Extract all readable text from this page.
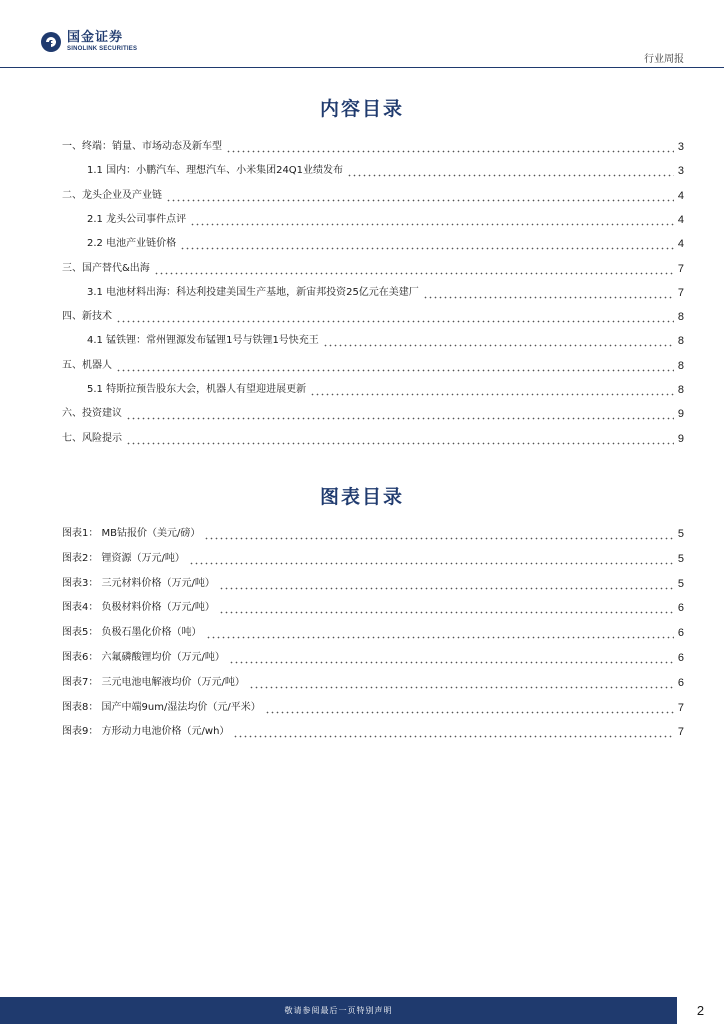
国金证券
SINOLINK SECURITIES
行业周报
内容目录
一、终端：销量、市场动态及新车型	3
1.1 国内：小鹏汽车、理想汽车、小米集团24Q1业绩发布	3
二、龙头企业及产业链	4
2.1 龙头公司事件点评	4
2.2 电池产业链价格	4
三、国产替代&出海	7
3.1 电池材料出海：科达利投建美国生产基地，新宙邦投资25亿元在美建厂	7
四、新技术	8
4.1 锰铁锂：常州锂源发布锰锂1号与铁锂1号快充王	8
五、机器人	8
5.1 特斯拉预告股东大会，机器人有望迎进展更新	8
六、投资建议	9
七、风险提示	9
图表目录
图表1： MB钴报价（美元/磅）	5
图表2： 锂资源（万元/吨）	5
图表3： 三元材料价格（万元/吨）	5
图表4： 负极材料价格（万元/吨）	6
图表5： 负极石墨化价格（吨）	6
图表6： 六氟磷酸锂均价（万元/吨）	6
图表7： 三元电池电解液均价（万元/吨）	6
图表8： 国产中端9um/湿法均价（元/平米）	7
图表9： 方形动力电池价格（元/wh）	7
敬请参阅最后一页特别声明	2
